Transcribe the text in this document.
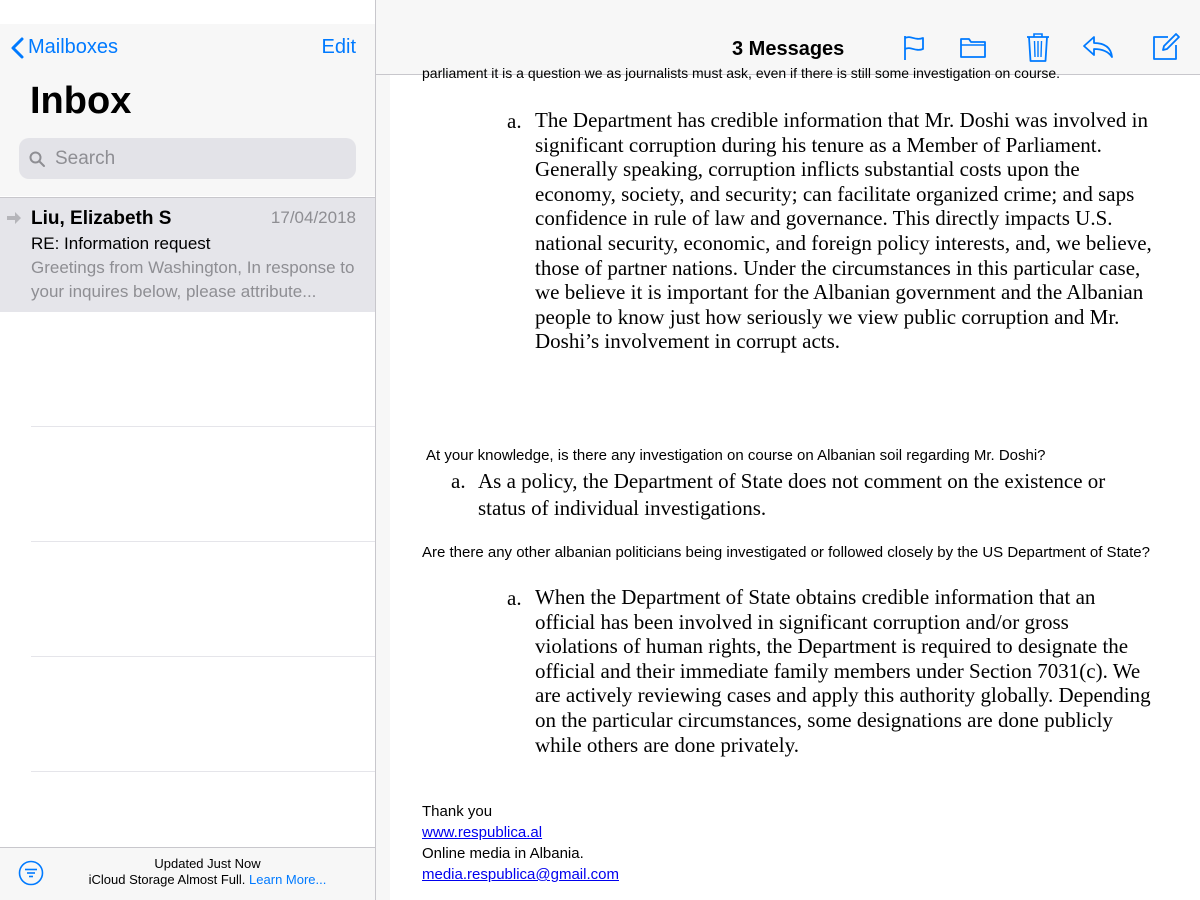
Mailboxes	Edit
Inbox
Search
Liu, Elizabeth S	17/04/2018
RE: Information request
Greetings from Washington, In response to your inquires below, please attribute...
Updated Just Now
iCloud Storage Almost Full. Learn More...
3 Messages
parliament it is a question we as journalists must ask, even if there is still some investigation on course.
a. The Department has credible information that Mr. Doshi was involved in significant corruption during his tenure as a Member of Parliament. Generally speaking, corruption inflicts substantial costs upon the economy, society, and security; can facilitate organized crime; and saps confidence in rule of law and governance. This directly impacts U.S. national security, economic, and foreign policy interests, and, we believe, those of partner nations. Under the circumstances in this particular case, we believe it is important for the Albanian government and the Albanian people to know just how seriously we view public corruption and Mr. Doshi’s involvement in corrupt acts.
At your knowledge, is there any investigation on course on Albanian soil regarding Mr. Doshi?
a. As a policy, the Department of State does not comment on the existence or status of individual investigations.
Are there any other albanian politicians being investigated or followed closely by the US Department of State?
a. When the Department of State obtains credible information that an official has been involved in significant corruption and/or gross violations of human rights, the Department is required to designate the official and their immediate family members under Section 7031(c). We are actively reviewing cases and apply this authority globally. Depending on the particular circumstances, some designations are done publicly while others are done privately.
Thank you
www.respublica.al
Online media in Albania.
media.respublica@gmail.com
